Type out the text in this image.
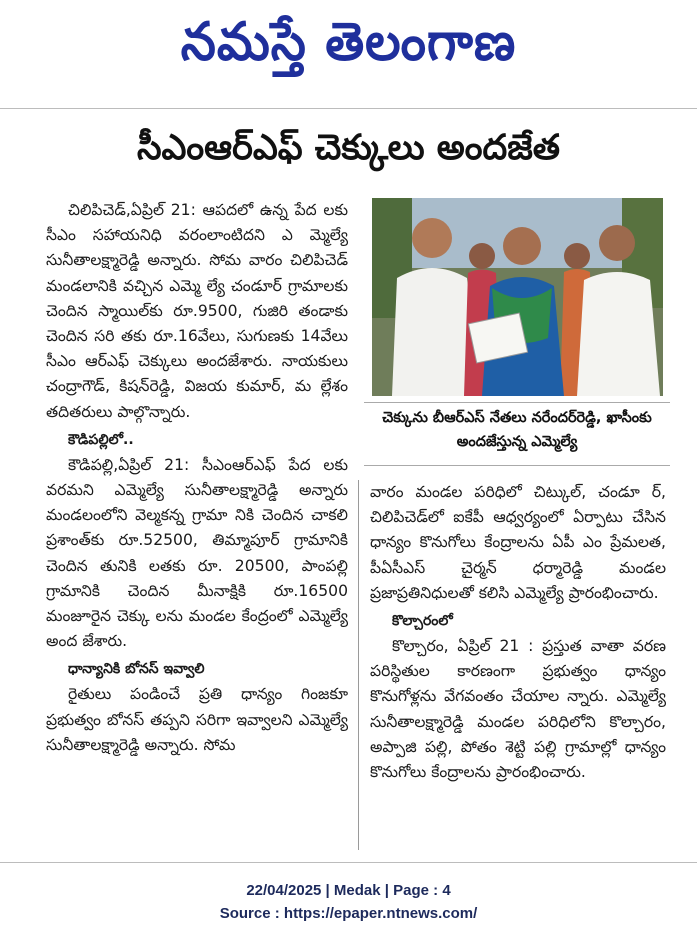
నమస్తే తెలంగాణ
సీఎంఆర్ఎఫ్ చెక్కులు అందజేత

చిలిపిచెడ్,ఏప్రిల్ 21: ఆపదలో ఉన్న పేద లకు సీఎం సహాయనిధి వరంలాంటిదని ఎ మ్మెల్యే సునీతాలక్ష్మారెడ్డి అన్నారు. సోమ వారం చిలిపిచెడ్ మండలానికి వచ్చిన ఎమ్మె ల్యే చండూర్ గ్రామాలకు చెందిన స్మాయిల్‌కు రూ.9500, గుజిరి తండాకు చెందిన సరి తకు రూ.16వేలు, సుగుణకు 14వేలు సీఎం ఆర్ఎఫ్ చెక్కులు అందజేశారు. నాయకులు చంద్రాగౌడ్, కిషన్‌రెడ్డి, విజయ కుమార్, మ ల్లేశం తదితరులు పాల్గొన్నారు.

కౌడిపల్లిలో..

కౌడిపల్లి,ఏప్రిల్ 21: సీఎంఆర్ఎఫ్ పేద లకు వరమని ఎమ్మెల్యే సునీతాలక్ష్మారెడ్డి అన్నారు మండలంలోని వెల్మకన్న గ్రామా నికి చెందిన చాకలి ప్రశాంత్‌కు రూ.52500, తిమ్మాపూర్ గ్రామానికి చెందిన తునికి లతకు రూ. 20500, పాంపల్లి గ్రామానికి చెందిన మీనాక్షికి రూ.16500 మంజూరైన చెక్కు లను మండల కేంద్రంలో ఎమ్మెల్యే అంద జేశారు.

ధాన్యానికి బోనస్ ఇవ్వాలి

రైతులు పండించే ప్రతి ధాన్యం గింజకూ ప్రభుత్వం బోనస్ తప్పని సరిగా ఇవ్వాలని ఎమ్మెల్యే సునీతాలక్ష్మారెడ్డి అన్నారు. సోమ

చెక్కును బీఆర్ఎస్ నేతలు నరేందర్‌రెడ్డి, ఖాసీంకు అందజేస్తున్న ఎమ్మెల్యే

వారం మండల పరిధిలో చిట్కుల్, చండూ ర్, చిలిపిచెడ్‌లో ఐకేపీ ఆధ్వర్యంలో ఏర్పాటు చేసిన ధాన్యం కొనుగోలు కేంద్రాలను ఏపీ ఎం ప్రేమలత, పీఏసీఎస్ చైర్మన్ ధర్మారెడ్డి మండల ప్రజాప్రతినిధులతో కలిసి ఎమ్మెల్యే ప్రారంభించారు.

కొల్చారంలో

కొల్చారం, ఏప్రిల్ 21 : ప్రస్తుత వాతా వరణ పరిస్థితుల కారణంగా ప్రభుత్వం ధాన్యం కొనుగోళ్లను వేగవంతం చేయాల న్నారు. ఎమ్మెల్యే సునీతాలక్ష్మారెడ్డి మండల పరిధిలోని కొల్చారం, అప్పాజి పల్లి, పోతం శెట్టి పల్లి గ్రామాల్లో ధాన్యం కొనుగోలు కేంద్రాలను ప్రారంభించారు.

22/04/2025 | Medak | Page : 4
Source : https://epaper.ntnews.com/
